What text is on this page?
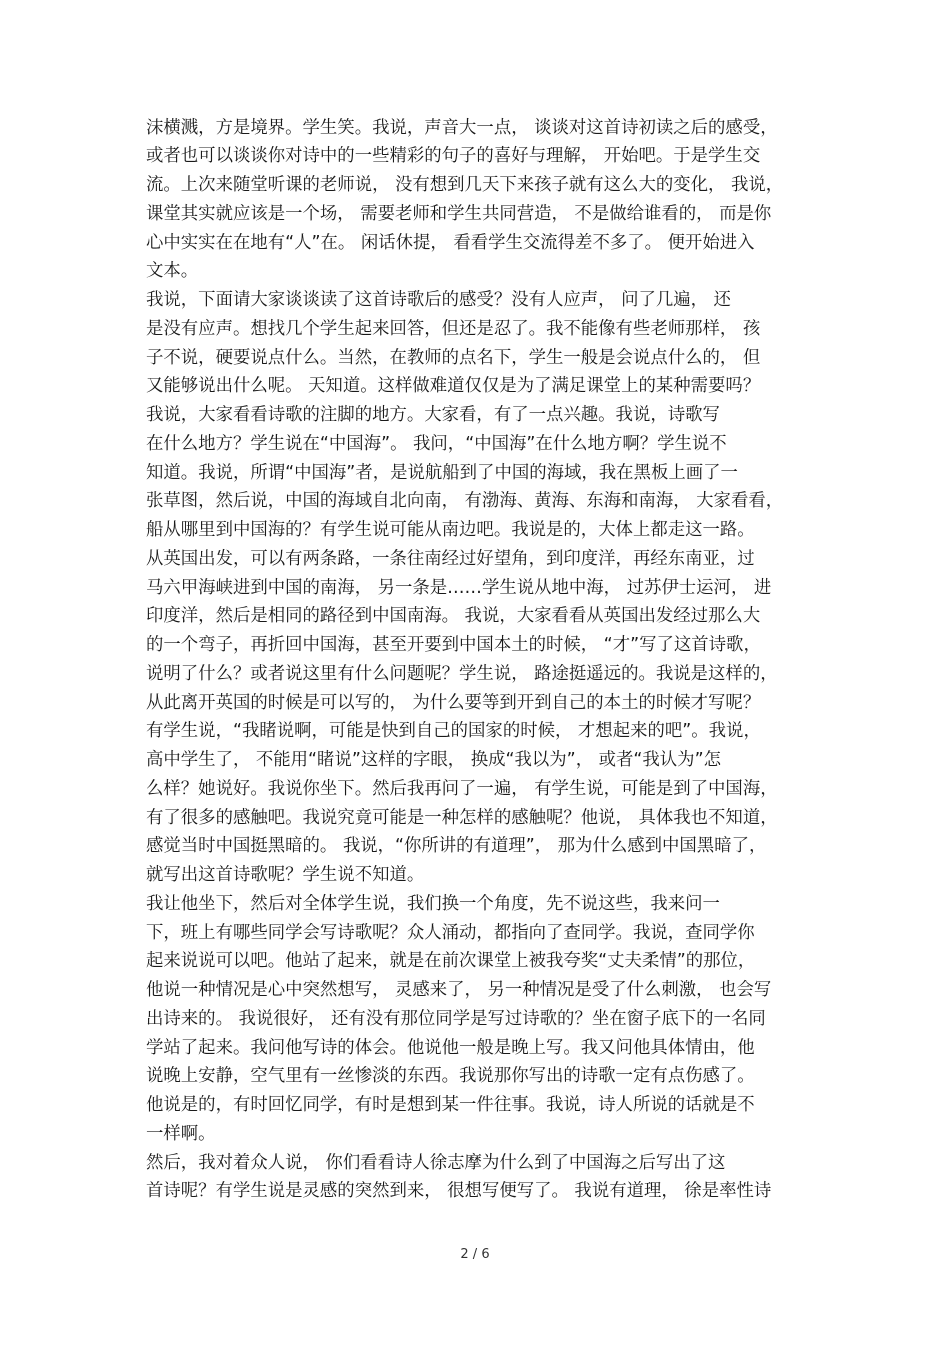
沫横溅，方是境界。学生笑。我说，声音大一点， 谈谈对这首诗初读之后的感受，
或者也可以谈谈你对诗中的一些精彩的句子的喜好与理解， 开始吧。于是学生交
流。上次来随堂听课的老师说， 没有想到几天下来孩子就有这么大的变化， 我说，
课堂其实就应该是一个场， 需要老师和学生共同营造， 不是做给谁看的， 而是你
心中实实在在地有“人”在。 闲话休提， 看看学生交流得差不多了。 便开始进入
文本。
我说，下面请大家谈谈读了这首诗歌后的感受？没有人应声， 问了几遍， 还
是没有应声。想找几个学生起来回答，但还是忍了。我不能像有些老师那样， 孩
子不说，硬要说点什么。当然，在教师的点名下，学生一般是会说点什么的， 但
又能够说出什么呢。 天知道。这样做难道仅仅是为了满足课堂上的某种需要吗？
我说，大家看看诗歌的注脚的地方。大家看，有了一点兴趣。我说，诗歌写
在什么地方？学生说在“中国海”。 我问，“中国海”在什么地方啊？学生说不
知道。我说，所谓“中国海”者，是说航船到了中国的海域，我在黑板上画了一
张草图，然后说，中国的海域自北向南， 有渤海、黄海、东海和南海， 大家看看，
船从哪里到中国海的？有学生说可能从南边吧。我说是的，大体上都走这一路。
从英国出发，可以有两条路，一条往南经过好望角，到印度洋，再经东南亚，过
马六甲海峡进到中国的南海， 另一条是……学生说从地中海， 过苏伊士运河， 进
印度洋，然后是相同的路径到中国南海。 我说，大家看看从英国出发经过那么大
的一个弯子，再折回中国海，甚至开要到中国本土的时候， “才”写了这首诗歌，
说明了什么？或者说这里有什么问题呢？学生说， 路途挺遥远的。我说是这样的，
从此离开英国的时候是可以写的， 为什么要等到开到自己的本土的时候才写呢？
有学生说，“我睹说啊，可能是快到自己的国家的时候， 才想起来的吧”。我说，
高中学生了， 不能用“睹说”这样的字眼， 换成“我以为”， 或者“我认为”怎
么样？她说好。我说你坐下。然后我再问了一遍， 有学生说，可能是到了中国海，
有了很多的感触吧。我说究竟可能是一种怎样的感触呢？他说， 具体我也不知道，
感觉当时中国挺黑暗的。 我说，“你所讲的有道理”， 那为什么感到中国黑暗了，
就写出这首诗歌呢？学生说不知道。
我让他坐下，然后对全体学生说，我们换一个角度，先不说这些，我来问一
下，班上有哪些同学会写诗歌呢？众人涌动，都指向了查同学。我说，查同学你
起来说说可以吧。他站了起来，就是在前次课堂上被我夸奖“丈夫柔情”的那位，
他说一种情况是心中突然想写， 灵感来了， 另一种情况是受了什么刺激， 也会写
出诗来的。 我说很好， 还有没有那位同学是写过诗歌的？坐在窗子底下的一名同
学站了起来。我问他写诗的体会。他说他一般是晚上写。我又问他具体情由，他
说晚上安静，空气里有一丝惨淡的东西。我说那你写出的诗歌一定有点伤感了。
他说是的，有时回忆同学，有时是想到某一件往事。我说，诗人所说的话就是不
一样啊。
然后，我对着众人说， 你们看看诗人徐志摩为什么到了中国海之后写出了这
首诗呢？有学生说是灵感的突然到来， 很想写便写了。 我说有道理， 徐是率性诗
2 / 6
